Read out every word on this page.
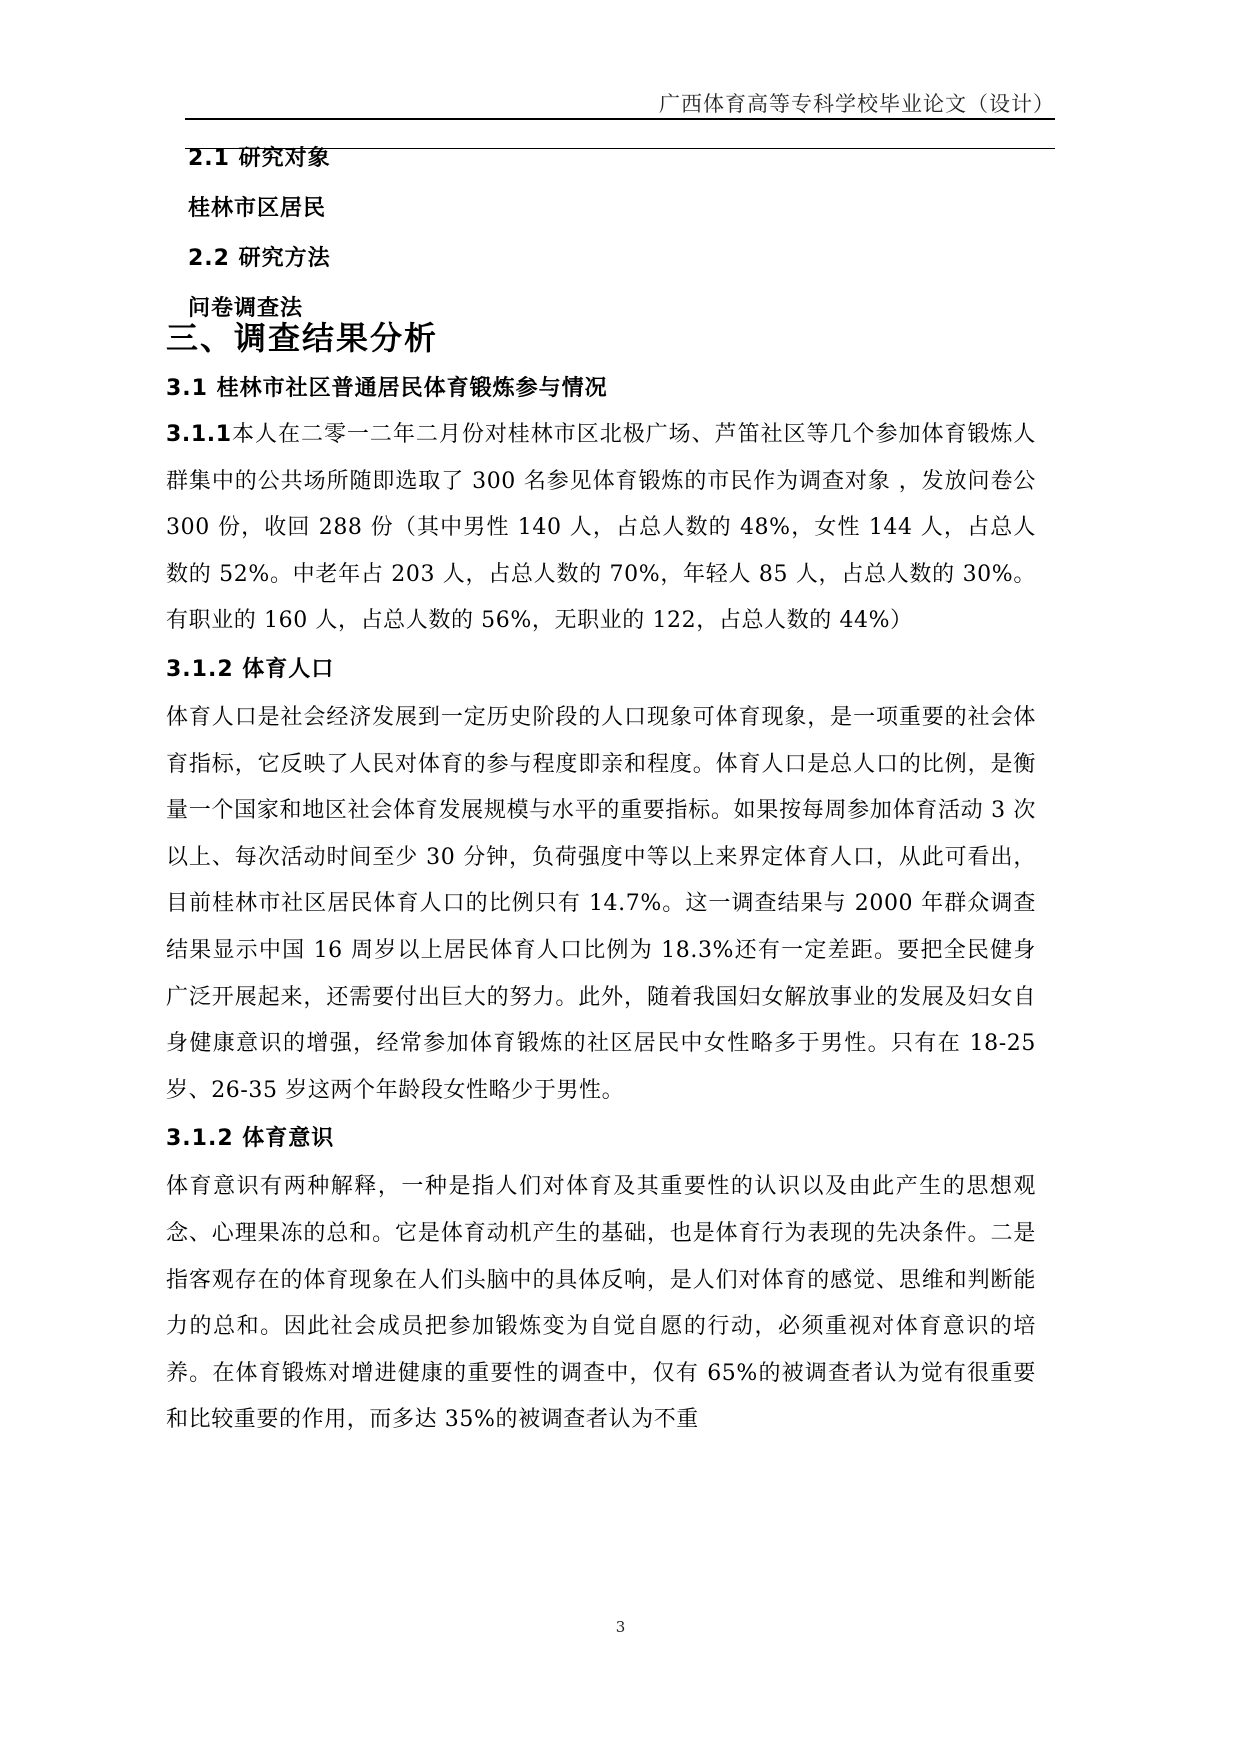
广西体育高等专科学校毕业论文（设计）

2.1 研究对象

桂林市区居民

2.2 研究方法

问卷调查法

三、调查结果分析

3.1 桂林市社区普通居民体育锻炼参与情况

3.1.1本人在二零一二年二月份对桂林市区北极广场、芦笛社区等几个参加体育锻炼人群集中的公共场所随即选取了 300 名参见体育锻炼的市民作为调查对象 ，发放问卷公 300 份，收回 288 份（其中男性 140 人，占总人数的 48%，女性 144 人，占总人数的 52%。中老年占 203 人，占总人数的 70%，年轻人 85 人，占总人数的 30%。有职业的 160 人，占总人数的 56%，无职业的 122，占总人数的 44%）

3.1.2 体育人口

体育人口是社会经济发展到一定历史阶段的人口现象可体育现象，是一项重要的社会体育指标，它反映了人民对体育的参与程度即亲和程度。体育人口是总人口的比例，是衡量一个国家和地区社会体育发展规模与水平的重要指标。如果按每周参加体育活动 3 次以上、每次活动时间至少 30 分钟，负荷强度中等以上来界定体育人口，从此可看出，目前桂林市社区居民体育人口的比例只有 14.7%。这一调查结果与 2000 年群众调查结果显示中国 16 周岁以上居民体育人口比例为 18.3%还有一定差距。要把全民健身广泛开展起来，还需要付出巨大的努力。此外，随着我国妇女解放事业的发展及妇女自身健康意识的增强，经常参加体育锻炼的社区居民中女性略多于男性。只有在 18-25 岁、26-35 岁这两个年龄段女性略少于男性。

3.1.2 体育意识

体育意识有两种解释，一种是指人们对体育及其重要性的认识以及由此产生的思想观念、心理果冻的总和。它是体育动机产生的基础，也是体育行为表现的先决条件。二是指客观存在的体育现象在人们头脑中的具体反响，是人们对体育的感觉、思维和判断能力的总和。因此社会成员把参加锻炼变为自觉自愿的行动，必须重视对体育意识的培养。在体育锻炼对增进健康的重要性的调查中，仅有 65%的被调查者认为觉有很重要和比较重要的作用，而多达 35%的被调查者认为不重

3
